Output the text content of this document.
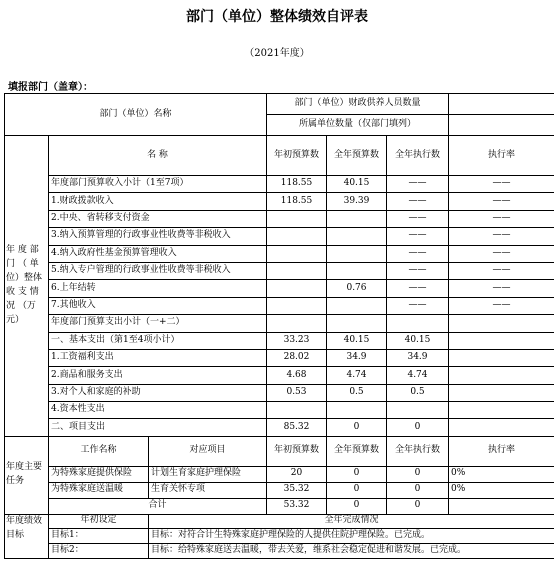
部门（单位）整体绩效自评表
（2021年度）
填报部门（盖章）：
部门（单位）名称	部门（单位）财政供养人员数量	
	所属单位数量（仅部门填列）	
年 度 部 门 （ 单 位）整体 收 支 情 况 （万元）	名 称		年初预算数	全年预算数	全年执行数	执行率
	年度部门预算收入小计（1至7项）		118.55	40.15	——	——
	1.财政拨款收入		118.55	39.39	——	——
	2.中央、省转移支付资金				——	——
	3.纳入预算管理的行政事业性收费等非税收入				——	——
	4.纳入政府性基金预算管理收入				——	——
	5.纳入专户管理的行政事业性收费等非税收入				——	——
	6.上年结转			0.76	——	——
	7.其他收入				——	——
	年度部门预算支出小计（一+二）					
	一、基本支出（第1至4项小计）		33.23	40.15	40.15	
	1.工资福利支出		28.02	34.9	34.9	
	2.商品和服务支出		4.68	4.74	4.74	
	3.对个人和家庭的补助		0.53	0.5	0.5	
	4.资本性支出					
	二、项目支出		85.32	0	0	
年度主要任务	工作名称	对应项目	年初预算数	全年预算数	全年执行数	执行率
	为特殊家庭提供保险	计划生育家庭护理保险	20	0	0	0%
	为特殊家庭送温暖	生育关怀专项	35.32	0	0	0%
	合计		53.32	0	0	
年度绩效目标	年初设定	全年完成情况				
	目标1：	目标：对符合计生特殊家庭护理保险的人提供住院护理保险。已完成。				
	目标2：	目标：给特殊家庭送去温暖，带去关爱，维系社会稳定促进和谐发展。已完成。				
